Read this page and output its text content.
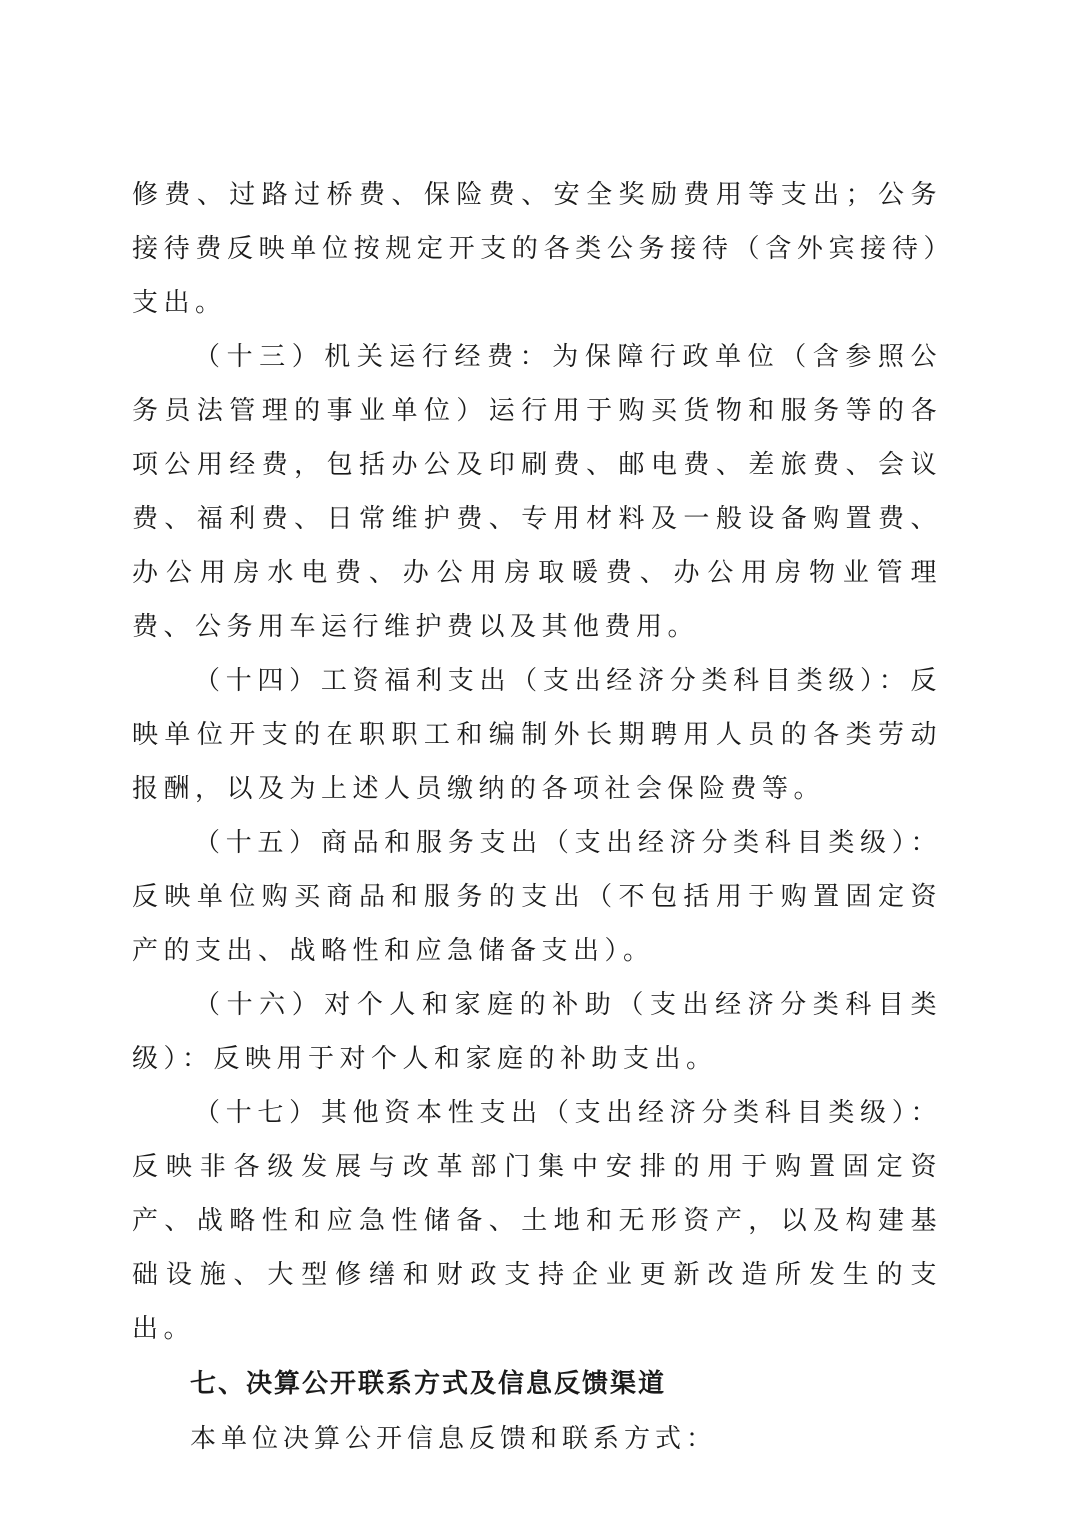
修费、过路过桥费、保险费、安全奖励费用等支出；公务接待费反映单位按规定开支的各类公务接待（含外宾接待）支出。

（十三）机关运行经费：为保障行政单位（含参照公务员法管理的事业单位）运行用于购买货物和服务等的各项公用经费，包括办公及印刷费、邮电费、差旅费、会议费、福利费、日常维护费、专用材料及一般设备购置费、办公用房水电费、办公用房取暖费、办公用房物业管理费、公务用车运行维护费以及其他费用。

（十四）工资福利支出（支出经济分类科目类级）：反映单位开支的在职职工和编制外长期聘用人员的各类劳动报酬，以及为上述人员缴纳的各项社会保险费等。

（十五）商品和服务支出（支出经济分类科目类级）：反映单位购买商品和服务的支出（不包括用于购置固定资产的支出、战略性和应急储备支出）。

（十六）对个人和家庭的补助（支出经济分类科目类级）：反映用于对个人和家庭的补助支出。

（十七）其他资本性支出（支出经济分类科目类级）：反映非各级发展与改革部门集中安排的用于购置固定资产、战略性和应急性储备、土地和无形资产，以及构建基础设施、大型修缮和财政支持企业更新改造所发生的支出。

七、决算公开联系方式及信息反馈渠道

本单位决算公开信息反馈和联系方式：
